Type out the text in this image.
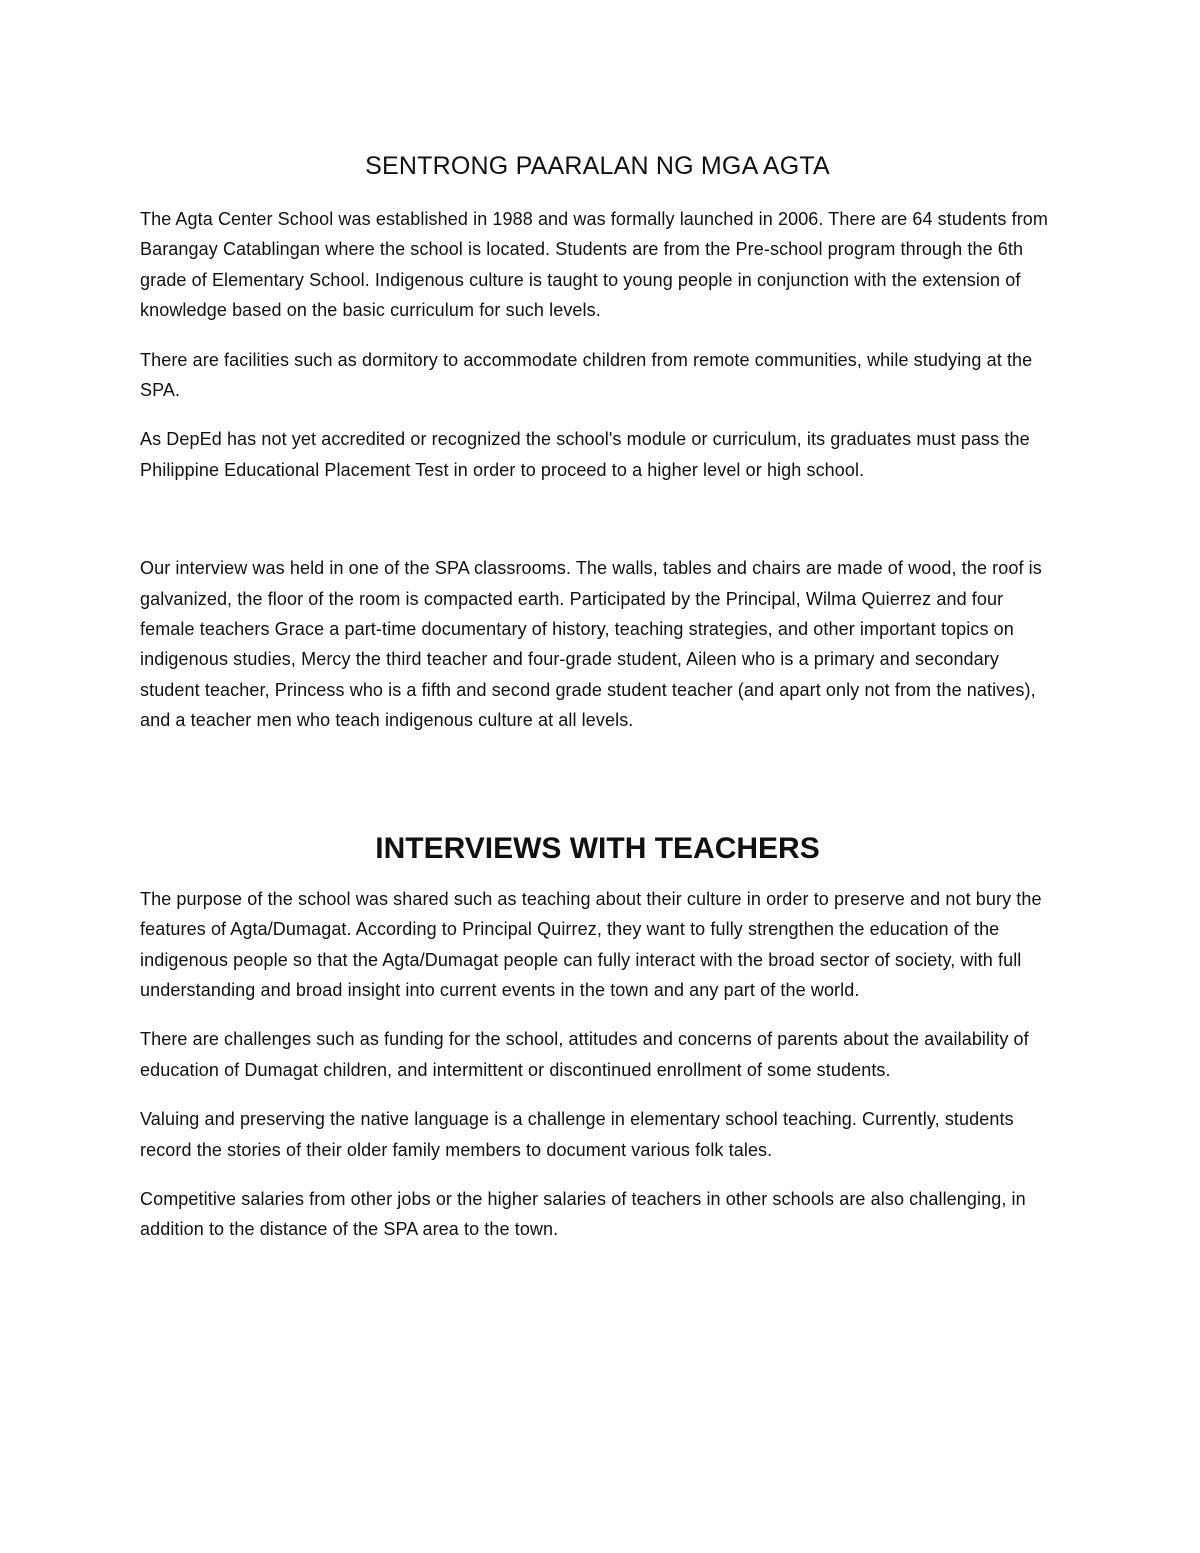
SENTRONG PAARALAN NG MGA AGTA

The Agta Center School was established in 1988 and was formally launched in 2006. There are 64 students from Barangay Catablingan where the school is located. Students are from the Pre-school program through the 6th grade of Elementary School. Indigenous culture is taught to young people in conjunction with the extension of knowledge based on the basic curriculum for such levels.

There are facilities such as dormitory to accommodate children from remote communities, while studying at the SPA.

As DepEd has not yet accredited or recognized the school's module or curriculum, its graduates must pass the Philippine Educational Placement Test in order to proceed to a higher level or high school.

Our interview was held in one of the SPA classrooms. The walls, tables and chairs are made of wood, the roof is galvanized, the floor of the room is compacted earth. Participated by the Principal, Wilma Quierrez and four female teachers Grace a part-time documentary of history, teaching strategies, and other important topics on indigenous studies, Mercy the third teacher and four-grade student, Aileen who is a primary and secondary student teacher, Princess who is a fifth and second grade student teacher (and apart only not from the natives), and a teacher men who teach indigenous culture at all levels.

INTERVIEWS WITH TEACHERS

The purpose of the school was shared such as teaching about their culture in order to preserve and not bury the features of Agta/Dumagat. According to Principal Quirrez, they want to fully strengthen the education of the indigenous people so that the Agta/Dumagat people can fully interact with the broad sector of society, with full understanding and broad insight into current events in the town and any part of the world.

There are challenges such as funding for the school, attitudes and concerns of parents about the availability of education of Dumagat children, and intermittent or discontinued enrollment of some students.

Valuing and preserving the native language is a challenge in elementary school teaching. Currently, students record the stories of their older family members to document various folk tales.

Competitive salaries from other jobs or the higher salaries of teachers in other schools are also challenging, in addition to the distance of the SPA area to the town.
